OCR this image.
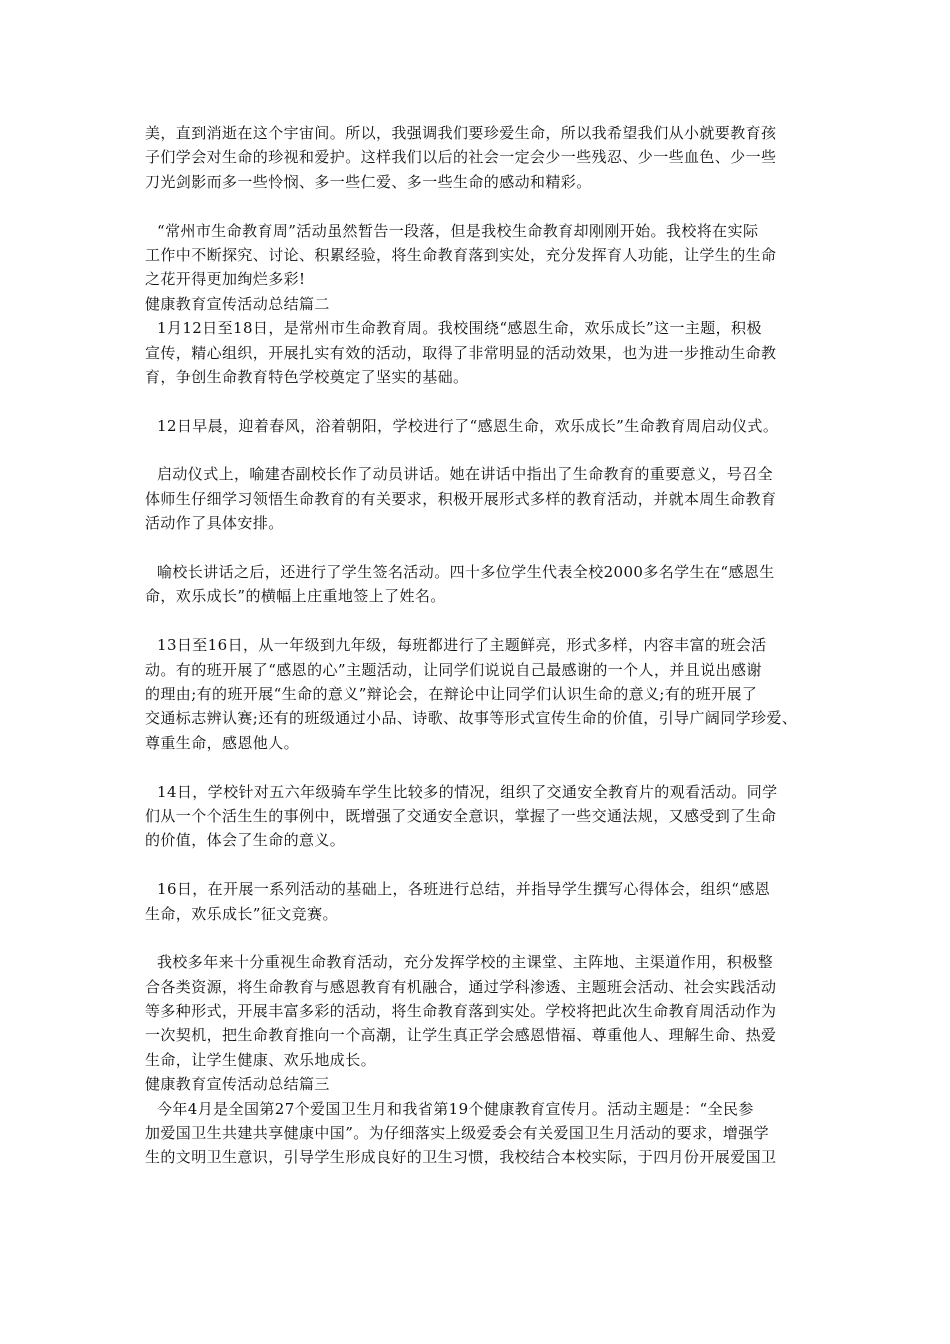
美，直到消逝在这个宇宙间。所以，我强调我们要珍爱生命，所以我希望我们从小就要教育孩
子们学会对生命的珍视和爱护。这样我们以后的社会一定会少一些残忍、少一些血色、少一些
刀光剑影而多一些怜悯、多一些仁爱、多一些生命的感动和精彩。
“常州市生命教育周”活动虽然暂告一段落，但是我校生命教育却刚刚开始。我校将在实际
工作中不断探究、讨论、积累经验，将生命教育落到实处，充分发挥育人功能，让学生的生命
之花开得更加绚烂多彩!
健康教育宣传活动总结篇二
1月12日至18日，是常州市生命教育周。我校围绕“感恩生命，欢乐成长”这一主题，积极
宣传，精心组织，开展扎实有效的活动，取得了非常明显的活动效果，也为进一步推动生命教
育，争创生命教育特色学校奠定了坚实的基础。
12日早晨，迎着春风，浴着朝阳，学校进行了“感恩生命，欢乐成长”生命教育周启动仪式。
启动仪式上，喻建杏副校长作了动员讲话。她在讲话中指出了生命教育的重要意义，号召全
体师生仔细学习领悟生命教育的有关要求，积极开展形式多样的教育活动，并就本周生命教育
活动作了具体安排。
喻校长讲话之后，还进行了学生签名活动。四十多位学生代表全校2000多名学生在“感恩生
命，欢乐成长”的横幅上庄重地签上了姓名。
13日至16日，从一年级到九年级，每班都进行了主题鲜亮，形式多样，内容丰富的班会活
动。有的班开展了“感恩的心”主题活动，让同学们说说自己最感谢的一个人，并且说出感谢
的理由;有的班开展“生命的意义”辩论会，在辩论中让同学们认识生命的意义;有的班开展了
交通标志辨认赛;还有的班级通过小品、诗歌、故事等形式宣传生命的价值，引导广阔同学珍爱、
尊重生命，感恩他人。
14日，学校针对五六年级骑车学生比较多的情况，组织了交通安全教育片的观看活动。同学
们从一个个活生生的事例中，既增强了交通安全意识，掌握了一些交通法规，又感受到了生命
的价值，体会了生命的意义。
16日，在开展一系列活动的基础上，各班进行总结，并指导学生撰写心得体会，组织“感恩
生命，欢乐成长”征文竞赛。
我校多年来十分重视生命教育活动，充分发挥学校的主课堂、主阵地、主渠道作用，积极整
合各类资源，将生命教育与感恩教育有机融合，通过学科渗透、主题班会活动、社会实践活动
等多种形式，开展丰富多彩的活动，将生命教育落到实处。学校将把此次生命教育周活动作为
一次契机，把生命教育推向一个高潮，让学生真正学会感恩惜福、尊重他人、理解生命、热爱
生命，让学生健康、欢乐地成长。
健康教育宣传活动总结篇三
今年4月是全国第27个爱国卫生月和我省第19个健康教育宣传月。活动主题是：“全民参
加爱国卫生共建共享健康中国”。为仔细落实上级爱委会有关爱国卫生月活动的要求，增强学
生的文明卫生意识，引导学生形成良好的卫生习惯，我校结合本校实际，于四月份开展爱国卫
